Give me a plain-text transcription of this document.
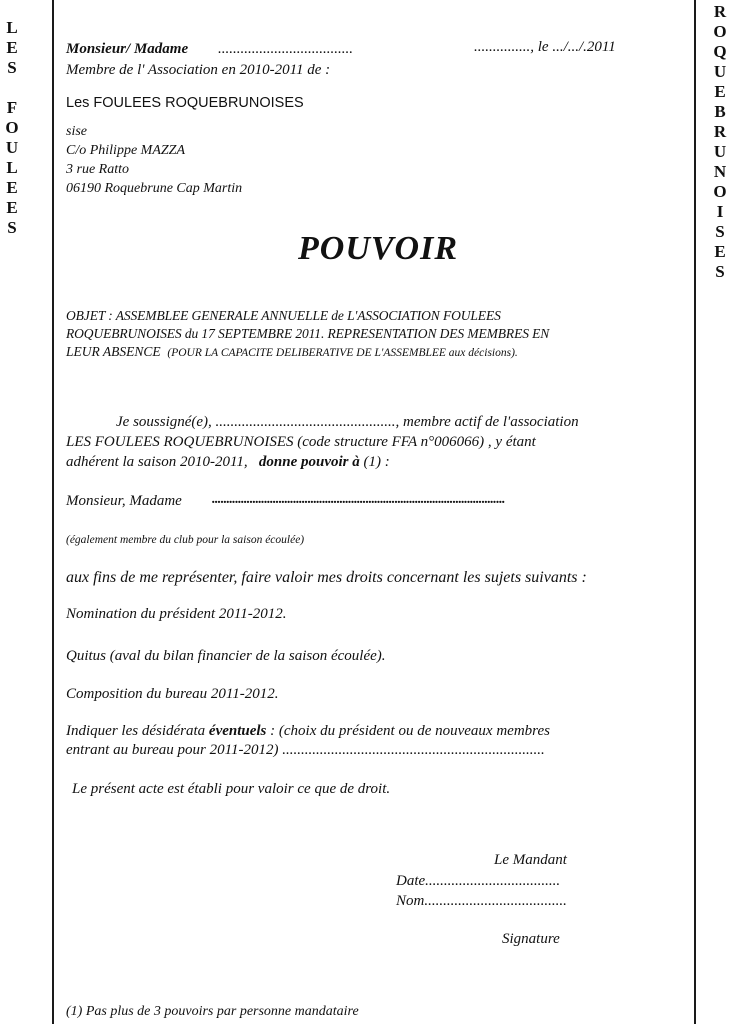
L
E
S
F
O
U
L
E
E
S
R
O
Q
U
E
B
R
U
N
O
I
S
E
S
Monsieur/ Madame ....................................	..............., le .../.../.2011
Membre de l' Association en 2010-2011 de :
Les FOULEES ROQUEBRUNOISES
sise
C/o Philippe MAZZA
3 rue Ratto
06190 Roquebrune Cap Martin
POUVOIR
OBJET : ASSEMBLEE GENERALE ANNUELLE de L'ASSOCIATION FOULEES
ROQUEBRUNOISES du 17 SEPTEMBRE 2011. REPRESENTATION DES MEMBRES EN
LEUR ABSENCE (POUR LA CAPACITE DELIBERATIVE DE L'ASSEMBLEE aux décisions).
Je soussigné(e), ................................................, membre actif de l'association
LES FOULEES ROQUEBRUNOISES (code structure FFA n°006066) , y étant
adhérent la saison 2010-2011, donne pouvoir à (1) :
Monsieur, Madame .....................................................................................................
(également membre du club pour la saison écoulée)
aux fins de me représenter, faire valoir mes droits concernant les sujets suivants :
Nomination du président 2011-2012.
Quitus (aval du bilan financier de la saison écoulée).
Composition du bureau 2011-2012.
Indiquer les désidérata éventuels : (choix du président ou de nouveaux membres
entrant au bureau pour 2011-2012) ......................................................................
Le présent acte est établi pour valoir ce que de droit.
Le Mandant
Date....................................
Nom......................................
Signature
(1) Pas plus de 3 pouvoirs par personne mandataire
